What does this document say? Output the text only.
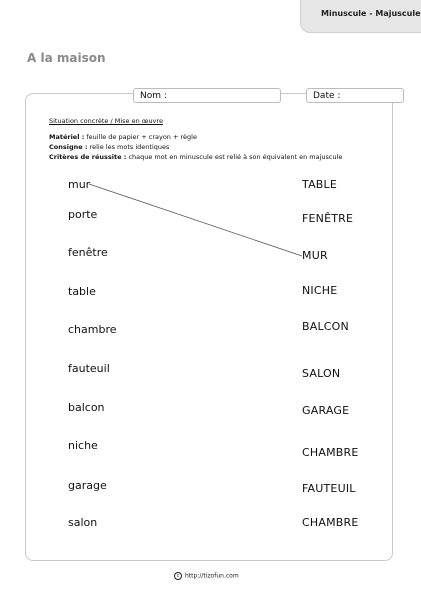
Minuscule - Majuscule
A la maison
Nom :	Date :
Situation concrète / Mise en œuvre
Matériel : feuille de papier + crayon + règle
Consigne : relie les mots identiques
Critères de réussite : chaque mot en minuscule est relié à son équivalent en majuscule
mur
porte
fenêtre
table
chambre
fauteuil
balcon
niche
garage
salon
TABLE
FENÊTRE
MUR
NICHE
BALCON
SALON
GARAGE
CHAMBRE
FAUTEUIL
CHAMBRE
c http://tizofun.com
